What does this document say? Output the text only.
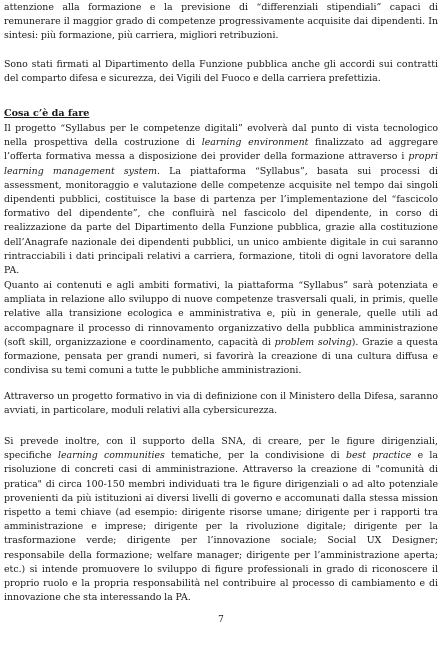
attenzione alla formazione e la previsione di “differenziali stipendiali” capaci di remunerare il maggior grado di competenze progressivamente acquisite dai dipendenti. In sintesi: più formazione, più carriera, migliori retribuzioni.

Sono stati firmati al Dipartimento della Funzione pubblica anche gli accordi sui contratti del comparto difesa e sicurezza, dei Vigili del Fuoco e della carriera prefettizia.

Cosa c’è da fare

Il progetto “Syllabus per le competenze digitali” evolverà dal punto di vista tecnologico nella prospettiva della costruzione di learning environment finalizzato ad aggregare l’offerta formativa messa a disposizione dei provider della formazione attraverso i propri learning management system. La piattaforma “Syllabus”, basata sui processi di assessment, monitoraggio e valutazione delle competenze acquisite nel tempo dai singoli dipendenti pubblici, costituisce la base di partenza per l’implementazione del “fascicolo formativo del dipendente”, che confluirà nel fascicolo del dipendente, in corso di realizzazione da parte del Dipartimento della Funzione pubblica, grazie alla costituzione dell’Anagrafe nazionale dei dipendenti pubblici, un unico ambiente digitale in cui saranno rintracciabili i dati principali relativi a carriera, formazione, titoli di ogni lavoratore della PA.

Quanto ai contenuti e agli ambiti formativi, la piattaforma “Syllabus” sarà potenziata e ampliata in relazione allo sviluppo di nuove competenze trasversali quali, in primis, quelle relative alla transizione ecologica e amministrativa e, più in generale, quelle utili ad accompagnare il processo di rinnovamento organizzativo della pubblica amministrazione (soft skill, organizzazione e coordinamento, capacità di problem solving). Grazie a questa formazione, pensata per grandi numeri, si favorirà la creazione di una cultura diffusa e condivisa su temi comuni a tutte le pubbliche amministrazioni.

Attraverso un progetto formativo in via di definizione con il Ministero della Difesa, saranno avviati, in particolare, moduli relativi alla cybersicurezza.

Si prevede inoltre, con il supporto della SNA, di creare, per le figure dirigenziali, specifiche learning communities tematiche, per la condivisione di best practice e la risoluzione di concreti casi di amministrazione. Attraverso la creazione di "comunità di pratica" di circa 100-150 membri individuati tra le figure dirigenziali o ad alto potenziale provenienti da più istituzioni ai diversi livelli di governo e accomunati dalla stessa mission rispetto a temi chiave (ad esempio: dirigente risorse umane; dirigente per i rapporti tra amministrazione e imprese; dirigente per la rivoluzione digitale; dirigente per la trasformazione verde; dirigente per l’innovazione sociale; Social UX Designer; responsabile della formazione; welfare manager; dirigente per l’amministrazione aperta; etc.) si intende promuovere lo sviluppo di figure professionali in grado di riconoscere il proprio ruolo e la propria responsabilità nel contribuire al processo di cambiamento e di innovazione che sta interessando la PA.

7
